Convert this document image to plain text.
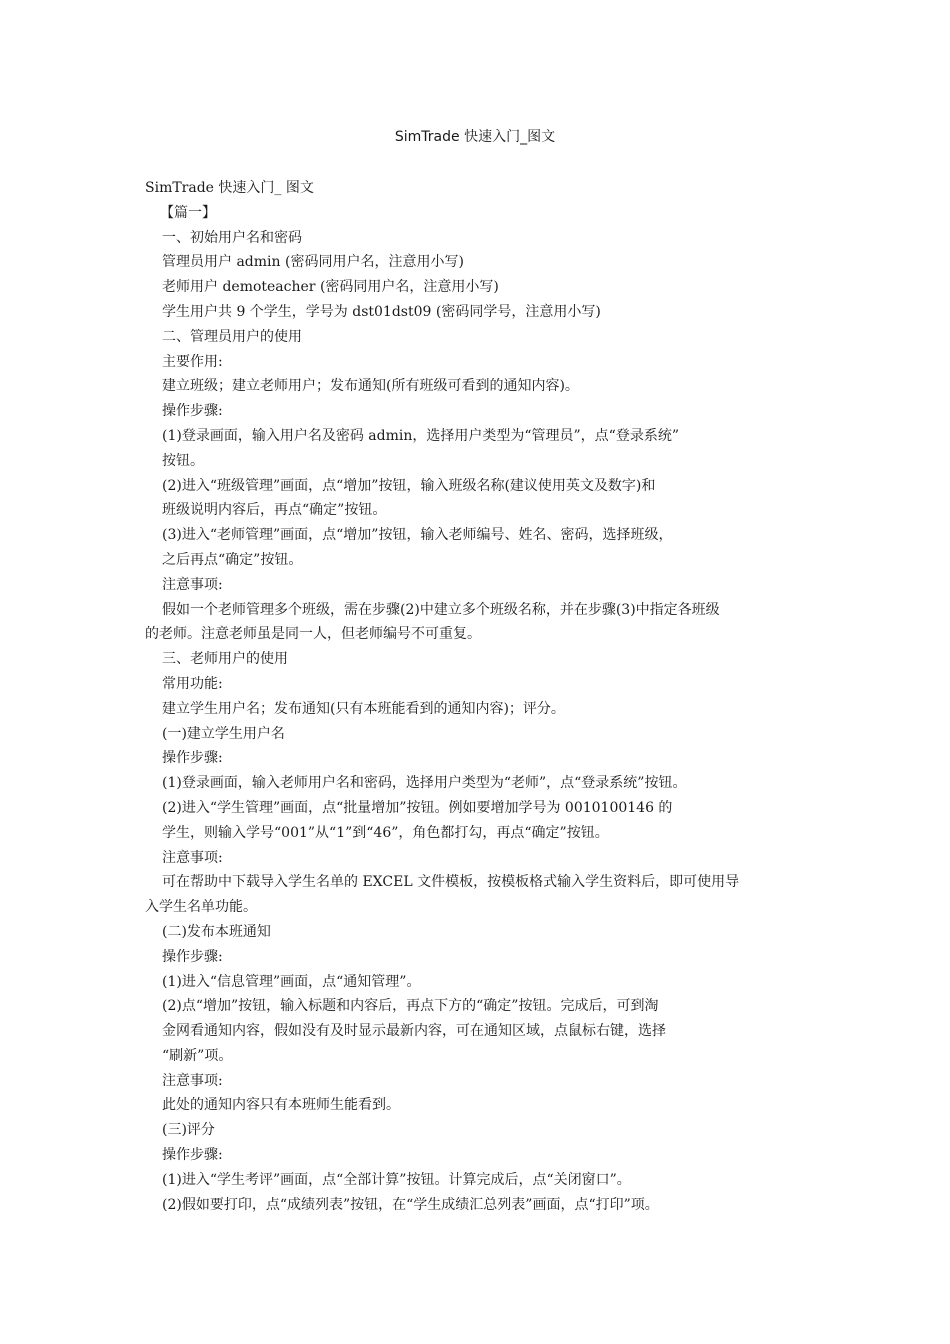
SimTrade 快速入门_图文
SimTrade 快速入门_ 图文
【篇一】
一、初始用户名和密码
管理员用户 admin (密码同用户名，注意用小写)
老师用户 demoteacher (密码同用户名，注意用小写)
学生用户共 9 个学生，学号为 dst01dst09 (密码同学号，注意用小写)
二、管理员用户的使用
主要作用:
建立班级；建立老师用户；发布通知(所有班级可看到的通知内容)。
操作步骤:
(1)登录画面，输入用户名及密码 admin，选择用户类型为“管理员”，点“登录系统”
按钮。
(2)进入“班级管理”画面，点“增加”按钮，输入班级名称(建议使用英文及数字)和
班级说明内容后，再点“确定”按钮。
(3)进入“老师管理”画面，点“增加”按钮，输入老师编号、姓名、密码，选择班级，
之后再点“确定”按钮。
注意事项:
假如一个老师管理多个班级，需在步骤(2)中建立多个班级名称，并在步骤(3)中指定各班级
的老师。注意老师虽是同一人，但老师编号不可重复。
三、老师用户的使用
常用功能:
建立学生用户名；发布通知(只有本班能看到的通知内容)；评分。
(一)建立学生用户名
操作步骤:
(1)登录画面，输入老师用户名和密码，选择用户类型为“老师”，点“登录系统”按钮。
(2)进入“学生管理”画面，点“批量增加”按钮。例如要增加学号为 0010100146 的
学生，则输入学号“001”从“1”到“46”，角色都打勾，再点“确定”按钮。
注意事项:
可在帮助中下载导入学生名单的 EXCEL 文件模板，按模板格式输入学生资料后，即可使用导
入学生名单功能。
(二)发布本班通知
操作步骤:
(1)进入“信息管理”画面，点“通知管理”。
(2)点“增加”按钮，输入标题和内容后，再点下方的“确定”按钮。完成后，可到淘
金网看通知内容，假如没有及时显示最新内容，可在通知区域，点鼠标右键，选择
“刷新”项。
注意事项:
此处的通知内容只有本班师生能看到。
(三)评分
操作步骤:
(1)进入“学生考评”画面，点“全部计算”按钮。计算完成后，点“关闭窗口”。
(2)假如要打印，点“成绩列表”按钮，在“学生成绩汇总列表”画面，点“打印”项。
